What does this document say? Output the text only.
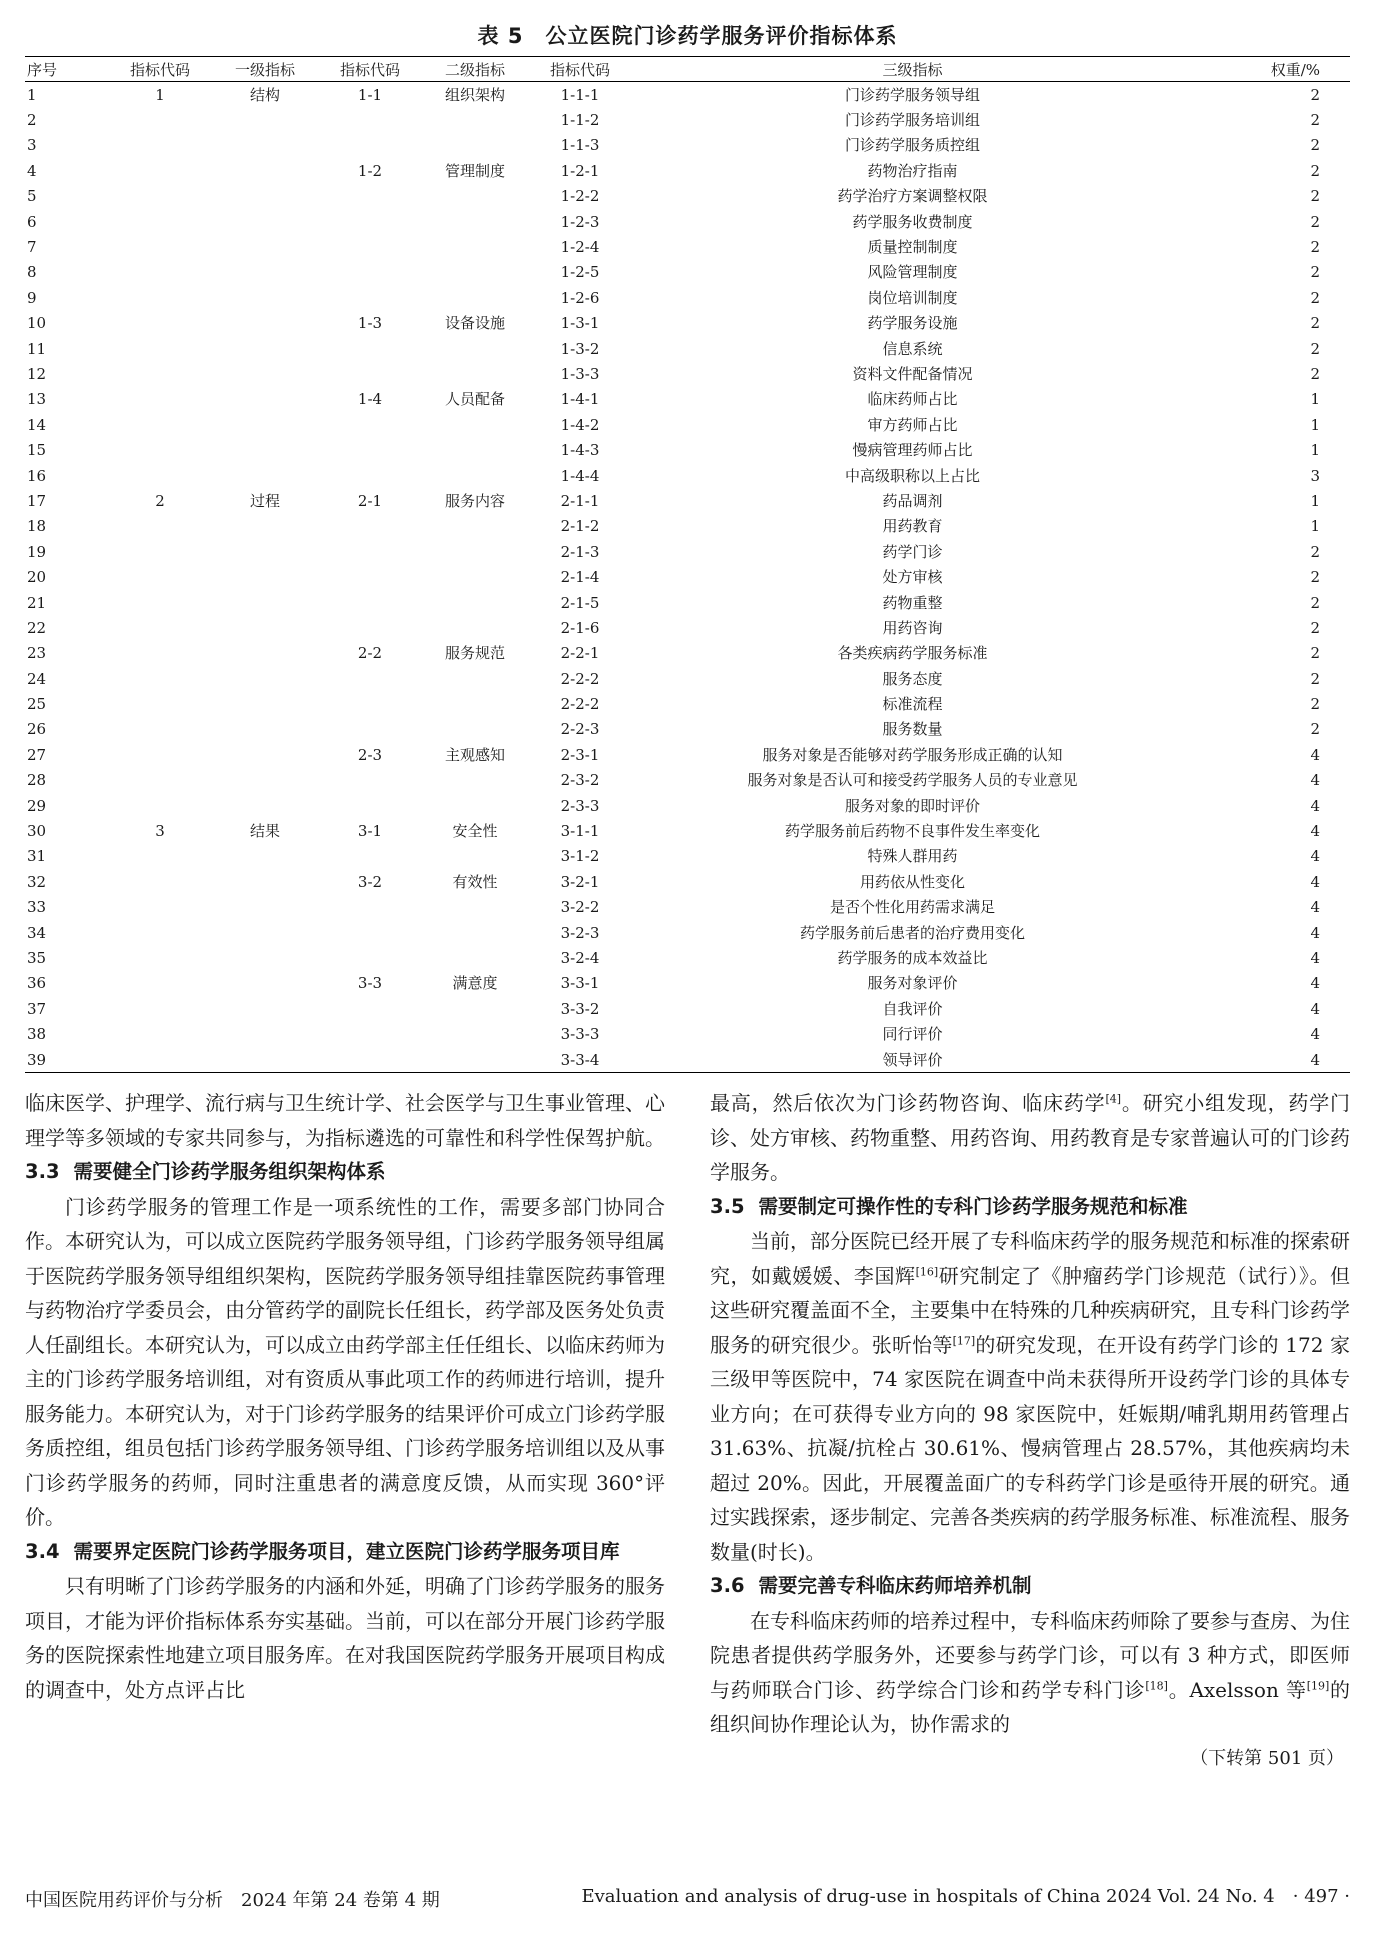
表 5 公立医院门诊药学服务评价指标体系
序号	指标代码	一级指标	指标代码	二级指标	指标代码	三级指标	权重/%
1	1	结构	1-1	组织架构	1-1-1	门诊药学服务领导组	2
2					1-1-2	门诊药学服务培训组	2
3					1-1-3	门诊药学服务质控组	2
4			1-2	管理制度	1-2-1	药物治疗指南	2
5					1-2-2	药学治疗方案调整权限	2
6					1-2-3	药学服务收费制度	2
7					1-2-4	质量控制制度	2
8					1-2-5	风险管理制度	2
9					1-2-6	岗位培训制度	2
10			1-3	设备设施	1-3-1	药学服务设施	2
11					1-3-2	信息系统	2
12					1-3-3	资料文件配备情况	2
13			1-4	人员配备	1-4-1	临床药师占比	1
14					1-4-2	审方药师占比	1
15					1-4-3	慢病管理药师占比	1
16					1-4-4	中高级职称以上占比	3
17	2	过程	2-1	服务内容	2-1-1	药品调剂	1
18					2-1-2	用药教育	1
19					2-1-3	药学门诊	2
20					2-1-4	处方审核	2
21					2-1-5	药物重整	2
22					2-1-6	用药咨询	2
23			2-2	服务规范	2-2-1	各类疾病药学服务标准	2
24					2-2-2	服务态度	2
25					2-2-2	标准流程	2
26					2-2-3	服务数量	2
27			2-3	主观感知	2-3-1	服务对象是否能够对药学服务形成正确的认知	4
28					2-3-2	服务对象是否认可和接受药学服务人员的专业意见	4
29					2-3-3	服务对象的即时评价	4
30	3	结果	3-1	安全性	3-1-1	药学服务前后药物不良事件发生率变化	4
31					3-1-2	特殊人群用药	4
32			3-2	有效性	3-2-1	用药依从性变化	4
33					3-2-2	是否个性化用药需求满足	4
34					3-2-3	药学服务前后患者的治疗费用变化	4
35					3-2-4	药学服务的成本效益比	4
36			3-3	满意度	3-3-1	服务对象评价	4
37					3-3-2	自我评价	4
38					3-3-3	同行评价	4
39					3-3-4	领导评价	4

临床医学、护理学、流行病与卫生统计学、社会医学与卫生事业管理、心理学等多领域的专家共同参与，为指标遴选的可靠性和科学性保驾护航。

3.3 需要健全门诊药学服务组织架构体系

门诊药学服务的管理工作是一项系统性的工作，需要多部门协同合作。本研究认为，可以成立医院药学服务领导组，门诊药学服务领导组属于医院药学服务领导组组织架构，医院药学服务领导组挂靠医院药事管理与药物治疗学委员会，由分管药学的副院长任组长，药学部及医务处负责人任副组长。本研究认为，可以成立由药学部主任任组长、以临床药师为主的门诊药学服务培训组，对有资质从事此项工作的药师进行培训，提升服务能力。本研究认为，对于门诊药学服务的结果评价可成立门诊药学服务质控组，组员包括门诊药学服务领导组、门诊药学服务培训组以及从事门诊药学服务的药师，同时注重患者的满意度反馈，从而实现 360°评价。

3.4 需要界定医院门诊药学服务项目，建立医院门诊药学服务项目库

只有明晰了门诊药学服务的内涵和外延，明确了门诊药学服务的服务项目，才能为评价指标体系夯实基础。当前，可以在部分开展门诊药学服务的医院探索性地建立项目服务库。在对我国医院药学服务开展项目构成的调查中，处方点评占比

最高，然后依次为门诊药物咨询、临床药学[4]。研究小组发现，药学门诊、处方审核、药物重整、用药咨询、用药教育是专家普遍认可的门诊药学服务。

3.5 需要制定可操作性的专科门诊药学服务规范和标准

当前，部分医院已经开展了专科临床药学的服务规范和标准的探索研究，如戴媛媛、李国辉[16]研究制定了《肿瘤药学门诊规范（试行）》。但这些研究覆盖面不全，主要集中在特殊的几种疾病研究，且专科门诊药学服务的研究很少。张昕怡等[17]的研究发现，在开设有药学门诊的 172 家三级甲等医院中，74 家医院在调查中尚未获得所开设药学门诊的具体专业方向；在可获得专业方向的 98 家医院中，妊娠期/哺乳期用药管理占 31.63%、抗凝/抗栓占 30.61%、慢病管理占 28.57%，其他疾病均未超过 20%。因此，开展覆盖面广的专科药学门诊是亟待开展的研究。通过实践探索，逐步制定、完善各类疾病的药学服务标准、标准流程、服务数量(时长)。

3.6 需要完善专科临床药师培养机制

在专科临床药师的培养过程中，专科临床药师除了要参与查房、为住院患者提供药学服务外，还要参与药学门诊，可以有 3 种方式，即医师与药师联合门诊、药学综合门诊和药学专科门诊[18]。Axelsson 等[19]的组织间协作理论认为，协作需求的

（下转第 501 页）

中国医院用药评价与分析 2024 年第 24 卷第 4 期	Evaluation and analysis of drug-use in hospitals of China 2024 Vol. 24 No. 4 · 497 ·
